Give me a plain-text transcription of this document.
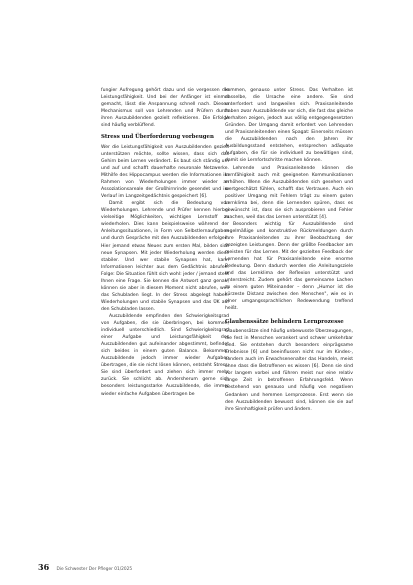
fungier Aufregung gehört dazu und sie vergessen die Leistungsfähigkeit. Und bei der Anfänger ist einmal gemacht, lässt die Anspannung schnell nach. Diesen Mechanismus soll von Lehrenden und Prüfern durch ihren Auszubildenden gezielt reflektieren. Die Erfolge sind häufig verblüffend.

Stress und Überforderung vorbeugen

Wer die Leistungsfähigkeit von Auszubildenden gezielt unterstützen möchte, sollte wissen, dass sich das Gehirn beim Lernen verändert. Es baut sich ständig um und auf und schafft dauerhafte neuronale Netzwerke. Mithilfe des Hippocampus werden die Informationen im Rahmen von Wiederholungen immer wieder an Assoziationsareale der Großhirnrinde gesendet und im Verlauf im Langzeitgedächtnis gespeichert [6].

Damit ergibt sich die Bedeutung von Wiederholungen. Lehrende und Prüfer kennen hierbei vielseitige Möglichkeiten, wichtigen Lernstoff zu wiederholen. Dies kann beispielsweise während der Anleitungssituationen, in Form von Selbstlernaufgaben und durch Gespräche mit den Auszubildenden erfolgen. Hier jemand etwas Neues zum ersten Mal, bilden sich neue Synapsen. Mit jeder Wiederholung werden diese stabiler. Und wer stabile Synapsen hat, kann Informationen leichter aus dem Gedächtnis abrufen. Folge: Die Situation fühlt sich wohl: jeder / jemand stellt Ihnen eine Frage. Sie kennen die Antwort ganz genau, können sie aber in diesem Moment nicht abrufen, weil das Schubladen liegt. In der Stress abgelegt haben. Wiederholungen und stabile Synapsen und das ÜK auf den Schubladen lassen.

Auszubildende empfinden den Schwierigkeitsgrad von Aufgaben, die sie überbringen, bei kommen, individuell unterschiedlich. Sind Schwierigkeitsgrad einer Aufgabe und Leistungsfähigkeit des Auszubildenden gut aufeinander abgestimmt, befindet sich beides in einem guten Balance. Bekommen Auszubildende jedoch immer wieder Aufgaben übertragen, die sie nicht lösen können, entsteht Stress. Sie sind überfordert und ziehen sich immer mehr zurück. Sie schlicht ab. Andersherum gerne sich besonders leistungsstarke Auszubildende, die immer wieder einfache Aufgaben übertragen be

kommen, genauso unter Stress. Das Verhalten ist dasselbe, die Ursache eine andere. Sie sind unterfordert und langweilen sich. Praxisanleitende haben zwar Auszubildende vor sich, die fast das gleiche Verhalten zeigen, jedoch aus völlig entgegengesetzten Gründen. Der Umgang damit erfordert von Lehrenden und Praxisanleitenden einen Spagat: Einerseits müssen die Auszubildenden nach den Jahren ihr Ausbildungsstand entstehen, entsprechen adäquate Aufgaben, die für sie individuell zu bewältigen sind, damit sie Lernfortschritte machen können.

Lehrende und Praxisanleitende können die Lernfähigkeit auch mit geeigneten Kommunikationen erhöhen. Wenn die Auszubildenden sich gesehen und wertgeschätzt fühlen, schafft das Vertrauen. Auch ein positiver Umgang mit Fehlern trägt zu einem guten Lernklima bei, denn die Lernenden spüren, dass es gewünscht ist, dass sie sich ausprobieren und Fehler machen, weil das das Lernen unterstützt [4].

Besonders wichtig für Auszubildende sind regelmäßige und konstruktive Rückmeldungen durch ihre Praxisanleitenden zu ihrer Beobachtung der gezeigten Leistungen. Denn der größte Feedbacker am meisten für das Lernen. Mit der gezielten Feedback der Lernenden hat für Praxisanleitende eine enorme Bedeutung. Denn dadurch werden die Anleitungsziele und das Lernklima der Reflexion unterstützt und unterstreicht. Zudem gehört das gemeinsame Lachen zu einem guten Miteinander – denn „Humor ist die kürzeste Distanz zwischen den Menschen", wie es in einer umgangssprachlichen Redewendung treffend heißt.

Glaubenssätze behindern Lernprozesse

Glaubenssätze sind häufig unbewusste Überzeugungen, die fest in Menschen verankert und schwer umkehrbar sind. Sie entstehen durch besonders einprägsame Erlebnisse [6] und beeinflussen nicht nur im Kindes-, sondern auch im Erwachsenenalter das Handeln, meist ohne dass die Betroffenen es wissen [6]. Denn sie sind vor langem vorbei und führen meist nur eine relativ lange Zeit in betroffenen Erfahrungsfeld. Wenn bestehend von genauso und häufig von negativen Gedanken und hemmen Lernprozesse. Erst wenn sie den Auszubildenden bewusst sind, können sie sie auf ihre Sinnhaftigkeit prüfen und ändern.

36 Die Schwester Der Pfleger 01/2025
